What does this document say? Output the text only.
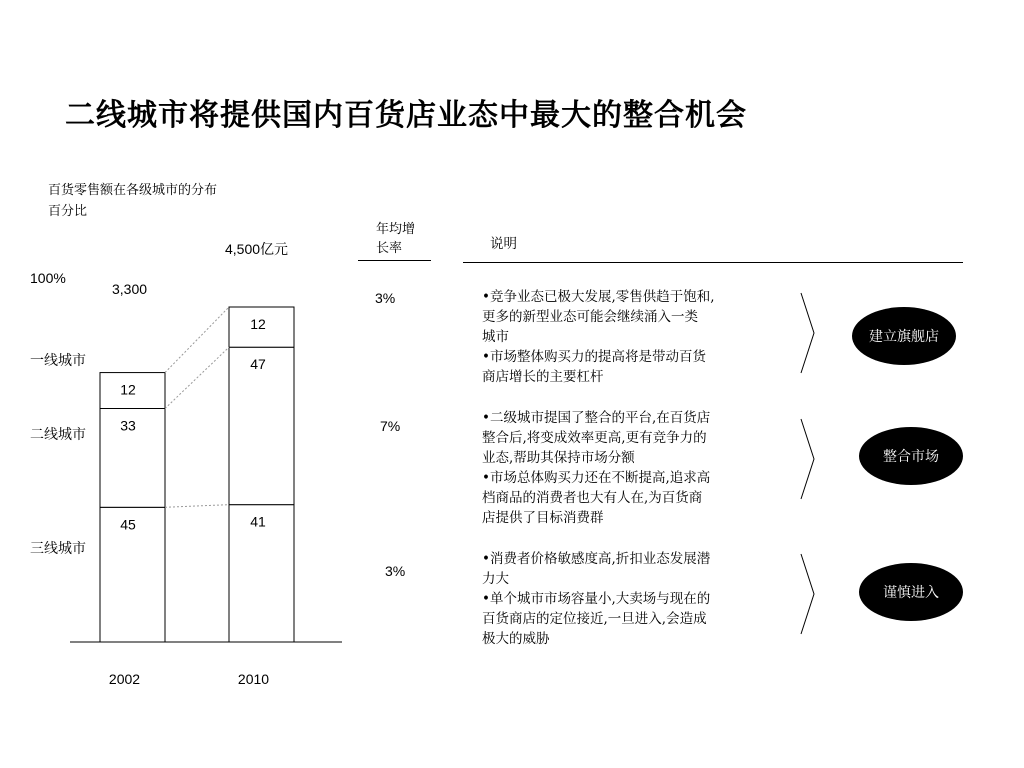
二线城市将提供国内百货店业态中最大的整合机会
百货零售额在各级城市的分布
百分比
45
33
12
2002
3,300
41
47
12
2010
4,500亿元
100%
一线城市
二线城市
三线城市
年均增
长率
3%
7%
3%
说明
•竞争业态已极大发展,零售供趋于饱和,
更多的新型业态可能会继续涌入一类
城市
•市场整体购买力的提高将是带动百货
商店增长的主要杠杆
•二级城市提国了整合的平台,在百货店
整合后,将变成效率更高,更有竞争力的
业态,帮助其保持市场分额
•市场总体购买力还在不断提高,追求高
档商品的消费者也大有人在,为百货商
店提供了目标消费群
•消费者价格敏感度高,折扣业态发展潜
力大
•单个城市市场容量小,大卖场与现在的
百货商店的定位接近,一旦进入,会造成
极大的威胁
建立旗舰店
整合市场
谨慎进入
